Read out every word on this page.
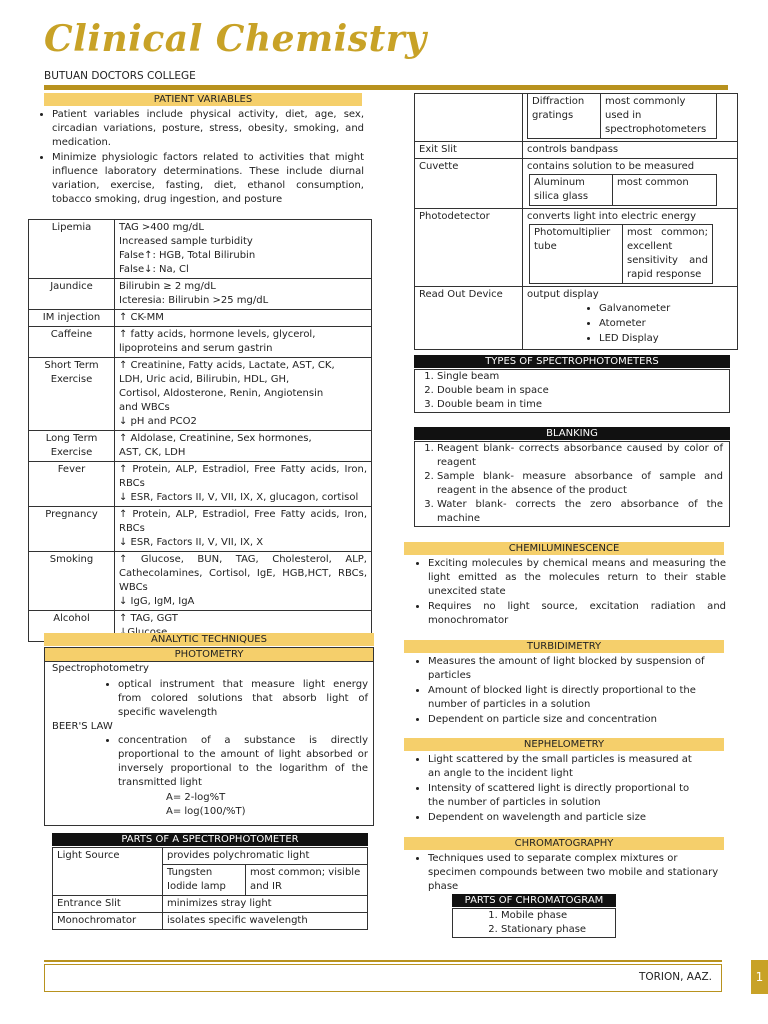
Clinical Chemistry
BUTUAN DOCTORS COLLEGE
PATIENT VARIABLES
• Patient variables include physical activity, diet, age, sex, circadian variations, posture, stress, obesity, smoking, and medication.
• Minimize physiologic factors related to activities that might influence laboratory determinations. These include diurnal variation, exercise, fasting, diet, ethanol consumption, tobacco smoking, drug ingestion, and posture
Lipemia	TAG >400 mg/dL
Increased sample turbidity
False↑: HGB, Total Bilirubin
False↓: Na, Cl

Jaundice	Bilirubin ≥ 2 mg/dL
Icteresia: Bilirubin >25 mg/dL

IM injection	↑ CK-MM

Caffeine	↑ fatty acids, hormone levels, glycerol,
lipoproteins and serum gastrin

Short Term Exercise	↑ Creatinine, Fatty acids, Lactate, AST, CK,
LDH, Uric acid, Bilirubin, HDL, GH,
Cortisol, Aldosterone, Renin, Angiotensin
and WBCs
↓ pH and PCO2

Long Term Exercise	↑ Aldolase, Creatinine, Sex hormones,
AST, CK, LDH

Fever	↑ Protein, ALP, Estradiol, Free Fatty acids, Iron, RBCs
↓ ESR, Factors II, V, VII, IX, X, glucagon, cortisol

Pregnancy	↑ Protein, ALP, Estradiol, Free Fatty acids, Iron, RBCs
↓ ESR, Factors II, V, VII, IX, X

Smoking	↑ Glucose, BUN, TAG, Cholesterol, ALP, Cathecolamines, Cortisol, IgE, HGB,HCT, RBCs, WBCs
↓ IgG, IgM, IgA

Alcohol	↑ TAG, GGT
ANALYTIC TECHNIQUES
PHOTOMETRY
Spectrophotometry
• optical instrument that measure light energy from colored solutions that absorb light of specific wavelength
BEER'S LAW
• concentration of a substance is directly proportional to the amount of light absorbed or inversely proportional to the logarithm of the transmitted light
A= 2-log%T
A= log(100/%T)
PARTS OF A SPECTROPHOTOMETER
Light Source	provides polychromatic light
Tungsten Iodide lamp	most common; visible and IR

Entrance Slit	minimizes stray light
Monochromator	isolates specific wavelength

Diffraction gratings	most commonly used in spectrophotometers

Exit Slit	controls bandpass
Cuvette	contains solution to be measured
Aluminum silica glass	most common

Photodetector	converts light into electric energy
Photomultiplier tube	most common; excellent sensitivity and rapid response

Read Out Device	output display
• Galvanometer
• Atometer
• LED Display
TYPES OF SPECTROPHOTOMETERS
1. Single beam
2. Double beam in space
3. Double beam in time
BLANKING
1. Reagent blank- corrects absorbance caused by color of reagent
2. Sample blank- measure absorbance of sample and reagent in the absence of the product
3. Water blank- corrects the zero absorbance of the machine
CHEMILUMINESCENCE
• Exciting molecules by chemical means and measuring the light emitted as the molecules return to their stable unexcited state
• Requires no light source, excitation radiation and monochromator
TURBIDIMETRY
• Measures the amount of light blocked by suspension of particles
• Amount of blocked light is directly proportional to the number of particles in a solution
• Dependent on particle size and concentration
NEPHELOMETRY
• Light scattered by the small particles is measured at an angle to the incident light
• Intensity of scattered light is directly proportional to the number of particles in solution
• Dependent on wavelength and particle size
CHROMATOGRAPHY
• Techniques used to separate complex mixtures or specimen compounds between two mobile and stationary phase
PARTS OF CHROMATOGRAM
1. Mobile phase
2. Stationary phase
TORION, AAZ.	1
